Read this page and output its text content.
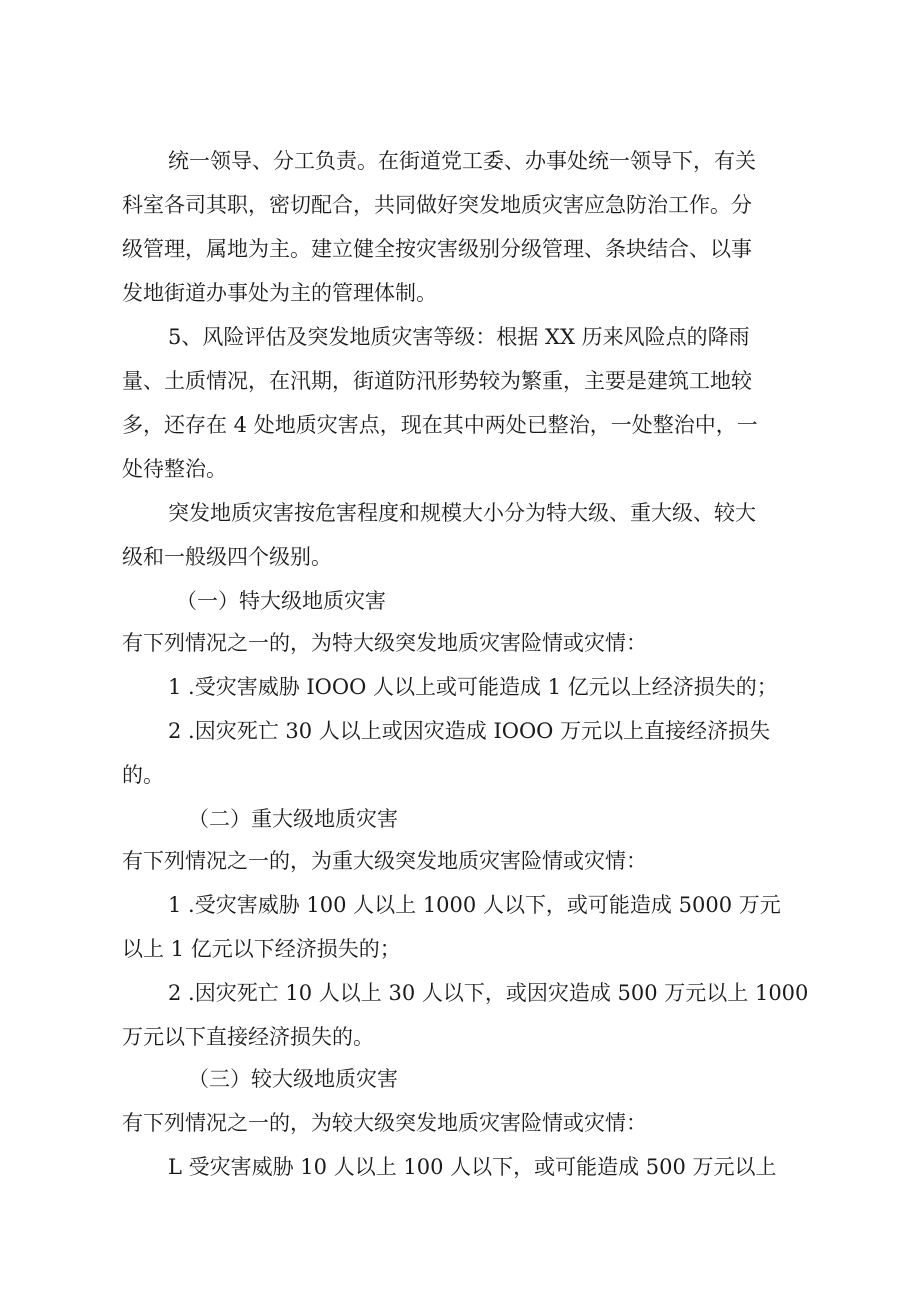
统一领导、分工负责。在街道党工委、办事处统一领导下，有关
科室各司其职，密切配合，共同做好突发地质灾害应急防治工作。分
级管理，属地为主。建立健全按灾害级别分级管理、条块结合、以事
发地街道办事处为主的管理体制。
5、风险评估及突发地质灾害等级：根据 XX 历来风险点的降雨
量、土质情况，在汛期，街道防汛形势较为繁重，主要是建筑工地较
多，还存在 4 处地质灾害点，现在其中两处已整治，一处整治中，一
处待整治。
突发地质灾害按危害程度和规模大小分为特大级、重大级、较大
级和一般级四个级别。
（一）特大级地质灾害
有下列情况之一的，为特大级突发地质灾害险情或灾情：
1 .受灾害威胁 IOOO 人以上或可能造成 1 亿元以上经济损失的；
2 .因灾死亡 30 人以上或因灾造成 IOOO 万元以上直接经济损失
的。
（二）重大级地质灾害
有下列情况之一的，为重大级突发地质灾害险情或灾情：
1 .受灾害威胁 100 人以上 1000 人以下，或可能造成 5000 万元
以上 1 亿元以下经济损失的；
2 .因灾死亡 10 人以上 30 人以下，或因灾造成 500 万元以上 1000
万元以下直接经济损失的。
（三）较大级地质灾害
有下列情况之一的，为较大级突发地质灾害险情或灾情：
L 受灾害威胁 10 人以上 100 人以下，或可能造成 500 万元以上
